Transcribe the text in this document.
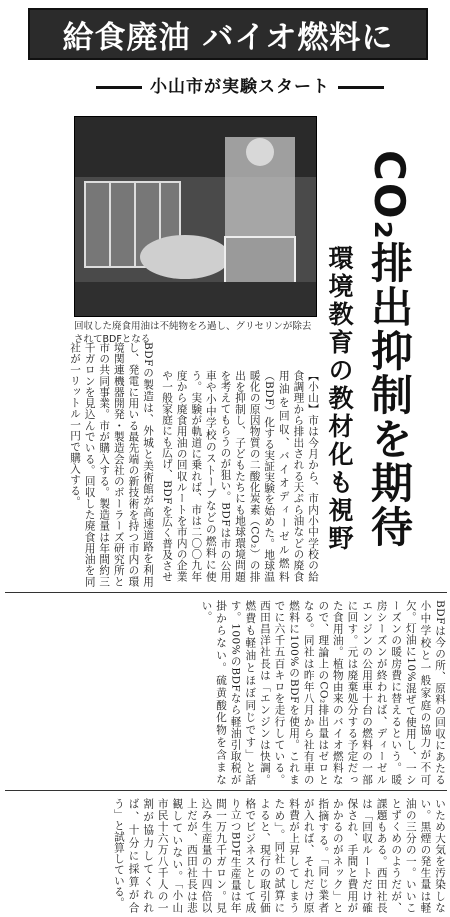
給食廃油 バイオ燃料に
小山市が実験スタート
回収した廃食用油は不純物をろ過し、グリセリンが除去されてBDFとなる	CO₂排出抑制を期待
環境教育の教材化も視野
【小山】市は今月から、市内小中学校の給食調理から排出される天ぷら油などの廃食用油を回収、バイオディーゼル燃料（BDF）化する実証実験を始めた。地球温暖化の原因物質の二酸化炭素（CO₂）の排出を抑制し、子どもたちにも地球環境問題を考えてもらうのが狙い。BDFは市の公用車や小中学校のストーブなどの燃料に使う。実験が軌道に乗れば、市は二〇〇九年度から廃食用油の回収ルートを市内の企業や一般家庭にも広げ、BDFを広く普及させ
BDFの製造は、外城と美術館が高速道路を利用し、発電に用いる最先端の新技術を持つ市内の環境関連機器開発・製造会社のボーラーズ研究所と市の共同事業。市が購入する。製造量は年間約三千ガロンを見込んでいる。回収した廃食用油を同社が一リットル一円で購入する。
BDFは今の所、原料の回収にあたる小中学校と一般家庭の協力が不可欠。灯油に10%混ぜて使用し、一シーズンの暖房費に替えるという。暖房シーズンが終われば、ディーゼルエンジンの公用車十台の燃料の一部に回す。元は廃棄処分する予定だった食用油。植物由来のバイオ燃料なので、理論上のCO₂排出量はゼロとなる。同社は昨年八月から社有車の燃料に100%のBDFを使用。これまでに六千五百キロを走行している。西田昌洋社長は「エンジンは快調。燃費も軽油とほぼ同じです」と話す。100%のBDFなら軽油引取税が掛からない。硫黄酸化物を含まない。
いため大気を汚染しない。黒煙の発生量は軽油の三分の一。いいことずくめのようだが、課題もある。西田社長は「回収ルートだけ確保され、手間と費用がかかるのがネック」と指摘する。「同じ業者が入れば、それだけ原料費が上昇してしまうため」。同社の試算によると、現行の取引価格でビジネスとして成り立つBDF生産量は年間一万九千ガロン。見込み生産量の十四倍以上だが、西田社長は悲観していない。「小山市民十六万八千人の一割が協力してくれれば、十分に採算が合う」と試算している。
